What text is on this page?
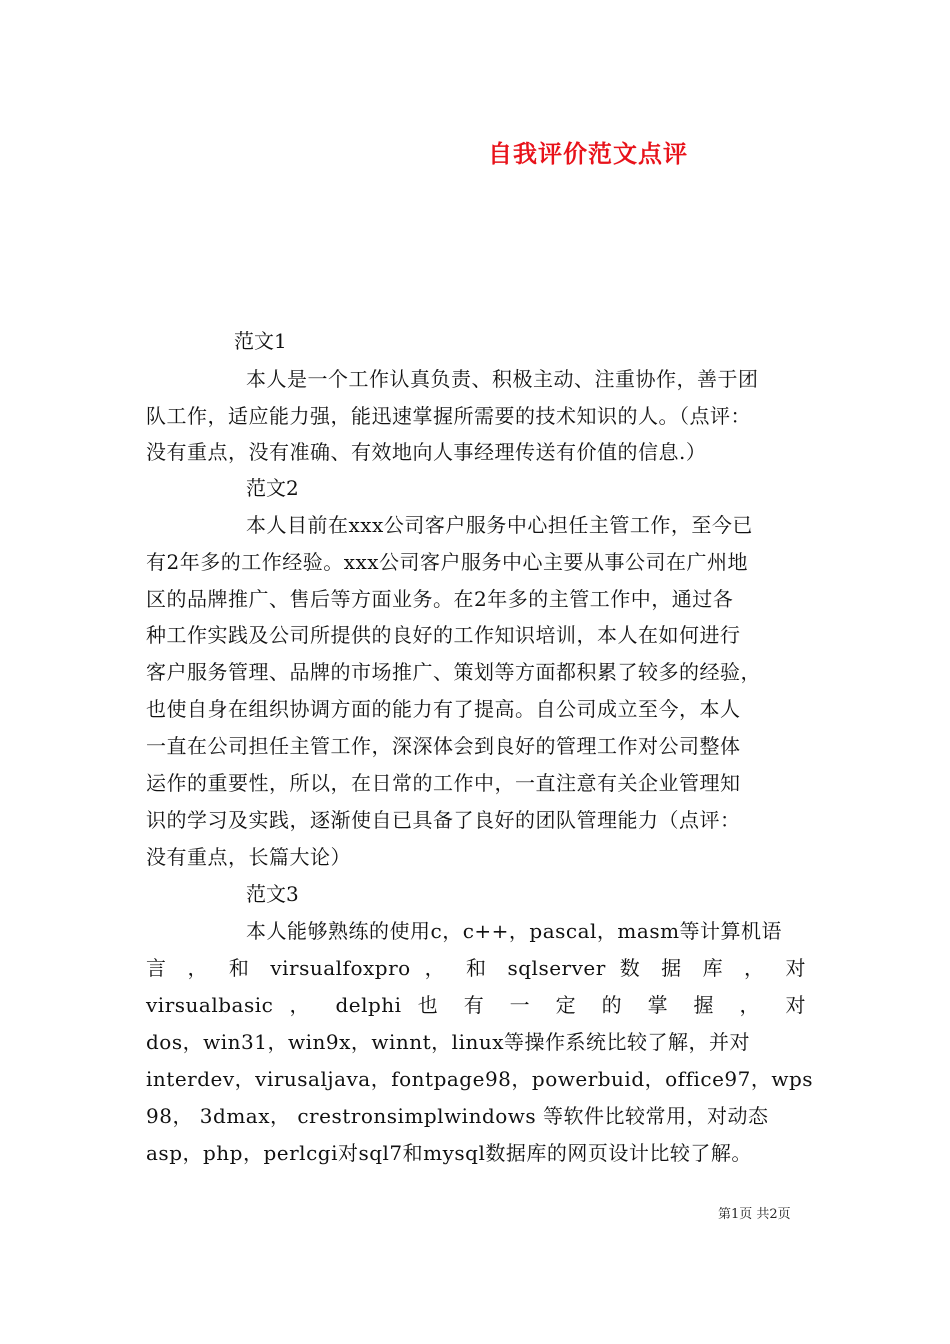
自我评价范文点评
范文1
本人是一个工作认真负责、积极主动、注重协作，善于团
队工作，适应能力强，能迅速掌握所需要的技术知识的人。（点评：
没有重点，没有准确、有效地向人事经理传送有价值的信息.）
范文2
本人目前在xxx公司客户服务中心担任主管工作，至今已
有2年多的工作经验。xxx公司客户服务中心主要从事公司在广州地
区的品牌推广、售后等方面业务。在2年多的主管工作中，通过各
种工作实践及公司所提供的良好的工作知识培训，本人在如何进行
客户服务管理、品牌的市场推广、策划等方面都积累了较多的经验，
也使自身在组织协调方面的能力有了提高。自公司成立至今，本人
一直在公司担任主管工作，深深体会到良好的管理工作对公司整体
运作的重要性，所以，在日常的工作中，一直注意有关企业管理知
识的学习及实践，逐渐使自已具备了良好的团队管理能力（点评：
没有重点，长篇大论）
范文3
本人能够熟练的使用c，c++，pascal，masm等计算机语
言 ， 和 virsualfoxpro ， 和 sqlserver 数 据 库 ， 对
virsualbasic ， delphi 也 有 一 定 的 掌 握 ， 对
dos，win31，win9x，winnt，linux等操作系统比较了解，并对
interdev，virusaljava，fontpage98，powerbuid，office97，wps
98， 3dmax， crestronsimplwindows 等软件比较常用，对动态
asp，php，perlcgi对sql7和mysql数据库的网页设计比较了解。
第1页 共2页
